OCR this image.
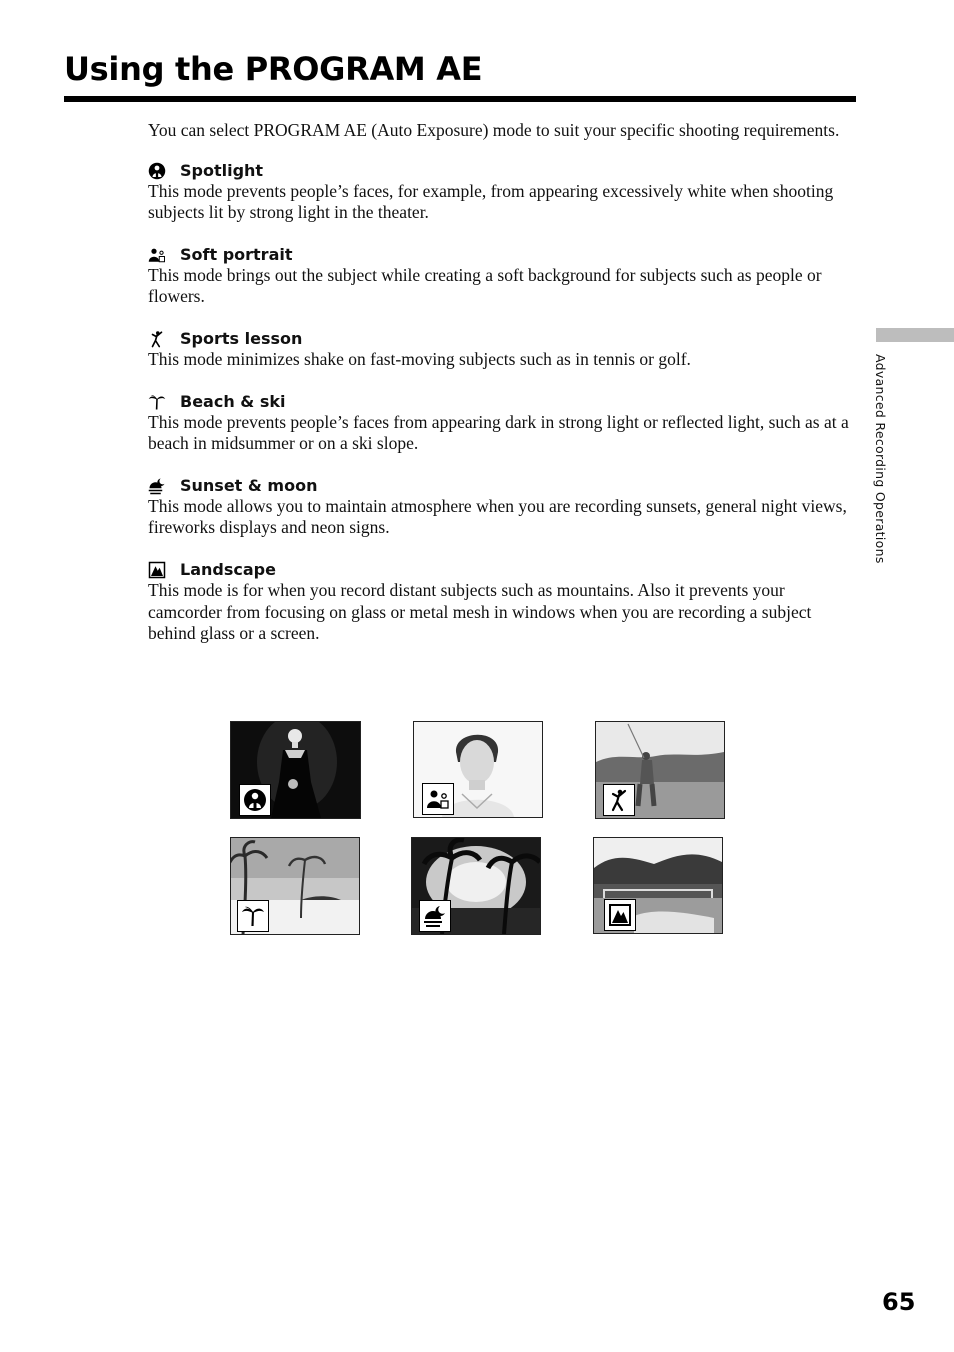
Using the PROGRAM AE

You can select PROGRAM AE (Auto Exposure) mode to suit your specific shooting requirements.

Spotlight

This mode prevents people’s faces, for example, from appearing excessively white when shooting subjects lit by strong light in the theater.

Soft portrait

This mode brings out the subject while creating a soft background for subjects such as people or flowers.

Sports lesson

This mode minimizes shake on fast-moving subjects such as in tennis or golf.

Beach & ski

This mode prevents people’s faces from appearing dark in strong light or reflected light, such as at a beach in midsummer or on a ski slope.

Sunset & moon

This mode allows you to maintain atmosphere when you are recording sunsets, general night views, fireworks displays and neon signs.

Landscape

This mode is for when you record distant subjects such as mountains. Also it prevents your camcorder from focusing on glass or metal mesh in windows when you are recording a subject behind glass or a screen.

Advanced Recording Operations
65
